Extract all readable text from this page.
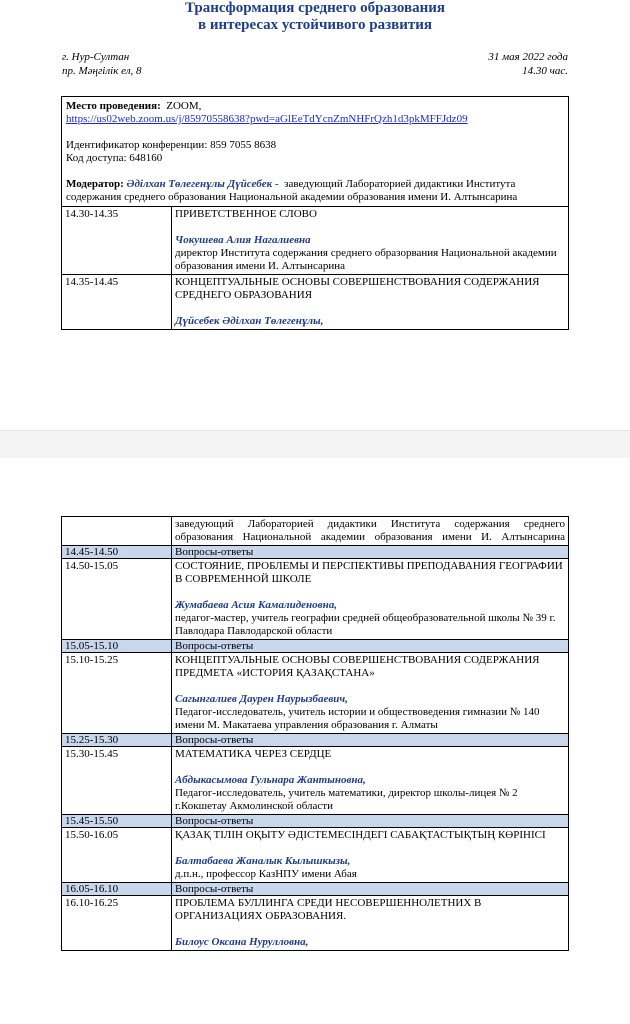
Трансформация среднего образования
в интересах устойчивого развития
г. Нур-Султан
пр. Мәңгілік ел, 8
31 мая 2022 года
14.30 час.
Место проведения: ZOOM,
https://us02web.zoom.us/j/85970558638?pwd=aGlEeTdYcnZmNHFrQzh1d3pkMFFJdz09
Идентификатор конференции: 859 7055 8638
Код доступа: 648160
Модератор: Әділхан Төлегенұлы Дүйсебек - заведующий Лабораторией дидактики Института содержания среднего образования Национальной академии образования имени И. Алтынсарина	

14.30-14.35	ПРИВЕТСТВЕННОЕ СЛОВО
Чокушева Алия Нагалиевна
директор Института содержания среднего образорвания Национальной академии образования имени И. Алтынсарина

14.35-14.45	КОНЦЕПТУАЛЬНЫЕ ОСНОВЫ СОВЕРШЕНСТВОВАНИЯ СОДЕРЖАНИЯ СРЕДНЕГО ОБРАЗОВАНИЯ
Дүйсебек Әділхан Төлегенұлы,
	заведующий Лабораторией дидактики Института содержания среднего образования Национальной академии образования имени И. Алтынсарина
14.45-14.50	Вопросы-ответы
14.50-15.05	СОСТОЯНИЕ, ПРОБЛЕМЫ И ПЕРСПЕКТИВЫ ПРЕПОДАВАНИЯ ГЕОГРАФИИ В СОВРЕМЕННОЙ ШКОЛЕ
Жумабаева Асия Камалиденовна,
педагог-мастер, учитель географии средней общеобразовательной школы № 39 г. Павлодара Павлодарской области

15.05-15.10	Вопросы-ответы
15.10-15.25	КОНЦЕПТУАЛЬНЫЕ ОСНОВЫ СОВЕРШЕНСТВОВАНИЯ СОДЕРЖАНИЯ ПРЕДМЕТА «ИСТОРИЯ ҚАЗАҚСТАНА»
Сагынгалиев Даурен Наурызбаевич,
Педагог-исследователь, учитель истории и обществоведения гимназии № 140 имени М. Макатаева управления образования г. Алматы

15.25-15.30	Вопросы-ответы
15.30-15.45	МАТЕМАТИКА ЧЕРЕЗ СЕРДЦЕ
Абдыкасымова Гульнара Жантыновна,
Педагог-исследователь, учитель математики, директор школы-лицея № 2 г.Кокшетау Акмолинской области

15.45-15.50	Вопросы-ответы
15.50-16.05	ҚАЗАҚ ТІЛІН ОҚЫТУ ӘДІСТЕМЕСІНДЕГІ САБАҚТАСТЫҚТЫҢ КӨРІНІСІ
Балтабаева Жаналык Кылышкызы,
д.п.н., профессор КазНПУ имени Абая

16.05-16.10	Вопросы-ответы
16.10-16.25	ПРОБЛЕМА БУЛЛИНГА СРЕДИ НЕСОВЕРШЕННОЛЕТНИХ В ОРГАНИЗАЦИЯХ ОБРАЗОВАНИЯ.
Билоус Оксана Нурулловна,
